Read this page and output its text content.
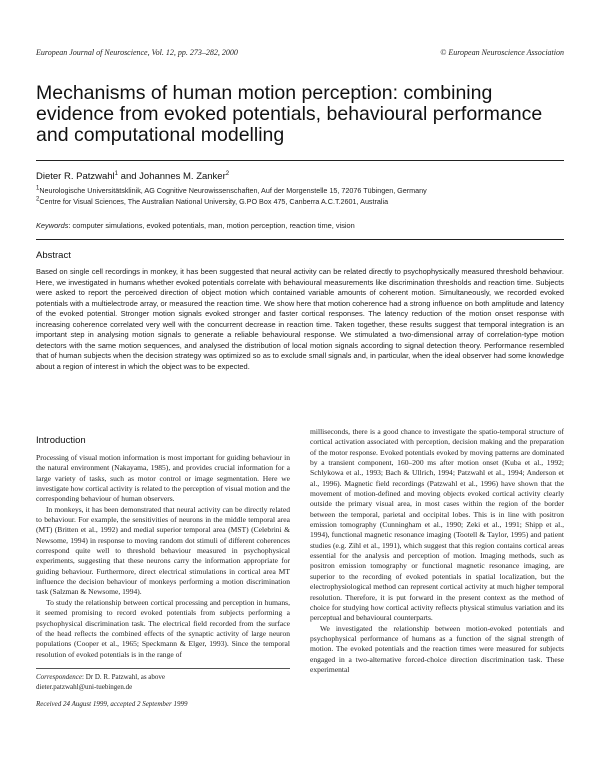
European Journal of Neuroscience, Vol. 12, pp. 273–282, 2000	© European Neuroscience Association
Mechanisms of human motion perception: combining evidence from evoked potentials, behavioural performance and computational modelling
Dieter R. Patzwahl$^1$ and Johannes M. Zanker$^2$
$^1$Neurologische Universitätsklinik, AG Cognitive Neurowissenschaften, Auf der Morgenstelle 15, 72076 Tübingen, Germany
$^2$Centre for Visual Sciences, The Australian National University, G.PO Box 475, Canberra A.C.T.2601, Australia
Keywords: computer simulations, evoked potentials, man, motion perception, reaction time, vision
Abstract

Based on single cell recordings in monkey, it has been suggested that neural activity can be related directly to psychophysically measured threshold behaviour. Here, we investigated in humans whether evoked potentials correlate with behavioural measurements like discrimination thresholds and reaction time. Subjects were asked to report the perceived direction of object motion which contained variable amounts of coherent motion. Simultaneously, we recorded evoked potentials with a multielectrode array, or measured the reaction time. We show here that motion coherence had a strong influence on both amplitude and latency of the evoked potential. Stronger motion signals evoked stronger and faster cortical responses. The latency reduction of the motion onset response with increasing coherence correlated very well with the concurrent decrease in reaction time. Taken together, these results suggest that temporal integration is an important step in analysing motion signals to generate a reliable behavioural response. We stimulated a two-dimensional array of correlation-type motion detectors with the same motion sequences, and analysed the distribution of local motion signals according to signal detection theory. Performance resembled that of human subjects when the decision strategy was optimized so as to exclude small signals and, in particular, when the ideal observer had some knowledge about a region of interest in which the object was to be expected.

Introduction

Processing of visual motion information is most important for guiding behaviour in the natural environment (Nakayama, 1985), and provides crucial information for a large variety of tasks, such as motor control or image segmentation. Here we investigate how cortical activity is related to the perception of visual motion and the corresponding behaviour of human observers.

In monkeys, it has been demonstrated that neural activity can be directly related to behaviour. For example, the sensitivities of neurons in the middle temporal area (MT) (Britten et al., 1992) and medial superior temporal area (MST) (Celebrini & Newsome, 1994) in response to moving random dot stimuli of different coherences correspond quite well to threshold behaviour measured in psychophysical experiments, suggesting that these neurons carry the information appropriate for guiding behaviour. Furthermore, direct electrical stimulations in cortical area MT influence the decision behaviour of monkeys performing a motion discrimination task (Salzman & Newsome, 1994).

To study the relationship between cortical processing and perception in humans, it seemed promising to record evoked potentials from subjects performing a psychophysical discrimination task. The electrical field recorded from the surface of the head reflects the combined effects of the synaptic activity of large neuron populations (Cooper et al., 1965; Speckmann & Elger, 1993). Since the temporal resolution of evoked potentials is in the range of

milliseconds, there is a good chance to investigate the spatio-temporal structure of cortical activation associated with perception, decision making and the preparation of the motor response. Evoked potentials evoked by moving patterns are dominated by a transient component, 160–200 ms after motion onset (Kuba et al., 1992; Schlykowa et al., 1993; Bach & Ullrich, 1994; Patzwahl et al., 1994; Anderson et al., 1996). Magnetic field recordings (Patzwahl et al., 1996) have shown that the movement of motion-defined and moving objects evoked cortical activity clearly outside the primary visual area, in most cases within the region of the border between the temporal, parietal and occipital lobes. This is in line with positron emission tomography (Cunningham et al., 1990; Zeki et al., 1991; Shipp et al., 1994), functional magnetic resonance imaging (Tootell & Taylor, 1995) and patient studies (e.g. Zihl et al., 1991), which suggest that this region contains cortical areas essential for the analysis and perception of motion. Imaging methods, such as positron emission tomography or functional magnetic resonance imaging, are superior to the recording of evoked potentials in spatial localization, but the electrophysiological method can represent cortical activity at much higher temporal resolution. Therefore, it is put forward in the present context as the method of choice for studying how cortical activity reflects physical stimulus variation and its perceptual and behavioural counterparts.

We investigated the relationship between motion-evoked potentials and psychophysical performance of humans as a function of the signal strength of motion. The evoked potentials and the reaction times were measured for subjects engaged in a two-alternative forced-choice direction discrimination task. These experimental

Correspondence: Dr D. R. Patzwahl, as above
dieter.patzwahl@uni-tuebingen.de
Received 24 August 1999, accepted 2 September 1999
